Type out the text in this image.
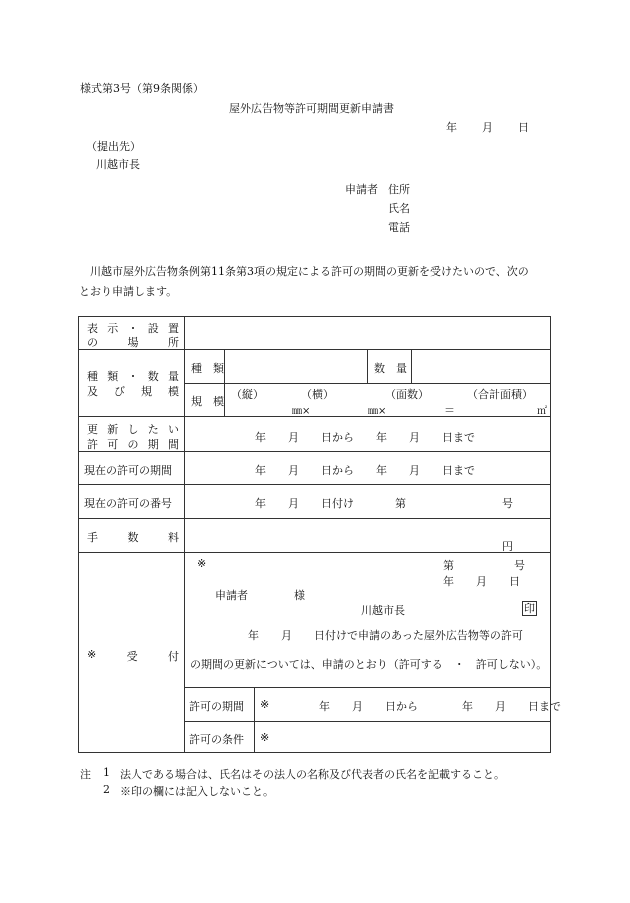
様式第3号（第9条関係）
屋外広告物等許可期間更新申請書
年 月 日
（提出先）
川越市長
申請者 住所
氏名
電話
川越市屋外広告物条例第11条第3項の規定による許可の期間の更新を受けたいので、次の
とおり申請します。
表 示 ・ 設 置
の	場	所
種 類 ・ 数 量
及 び 規 模
種　類	数　量
規　模
（縦）	（横）	（面数）	（合計面積）
㎜×	㎜×	＝	㎡
更 新 し た い
許 可 の 期 間
年　　月　　日から　　年　　月　　日まで
現在の許可の期間	年　　月　　日から　　年　　月　　日まで
現在の許可の番号	年　　月　　日付け	第	号
手	数	料
円
※	受	付
※	第	号
年　　月　　日
申請者	様
川越市長	印
年　　月　　日付けで申請のあった屋外広告物等の許可
の期間の更新については、申請のとおり（許可する　・　許可しない）。
許可の期間 ※	年　　月　　日から　　　　年　　月　　日まで
許可の条件 ※
注 1 法人である場合は、氏名はその法人の名称及び代表者の氏名を記載すること。
2 ※印の欄には記入しないこと。
